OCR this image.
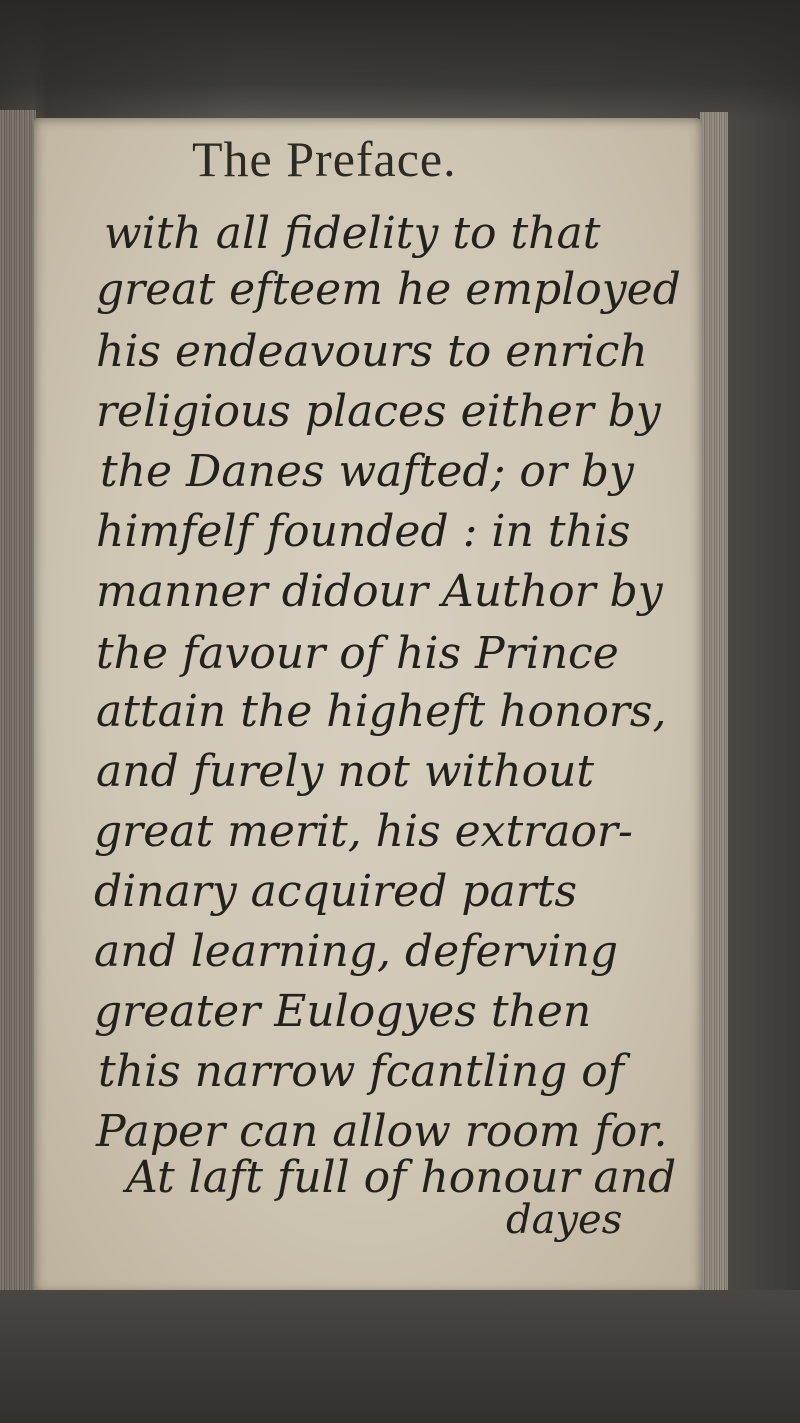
The Preface.

with all fidelity to that

great efteem he employed

his endeavours to enrich

religious places either by

the Danes wafted; or by

himfelf founded : in this

manner didour Author by

the favour of his Prince

attain the higheft honors,

and furely not without

great merit, his extraor-

dinary acquired parts

and learning, deferving

greater Eulogyes then

this narrow fcantling of

Paper can allow room for.

At laft full of honour and

dayes
